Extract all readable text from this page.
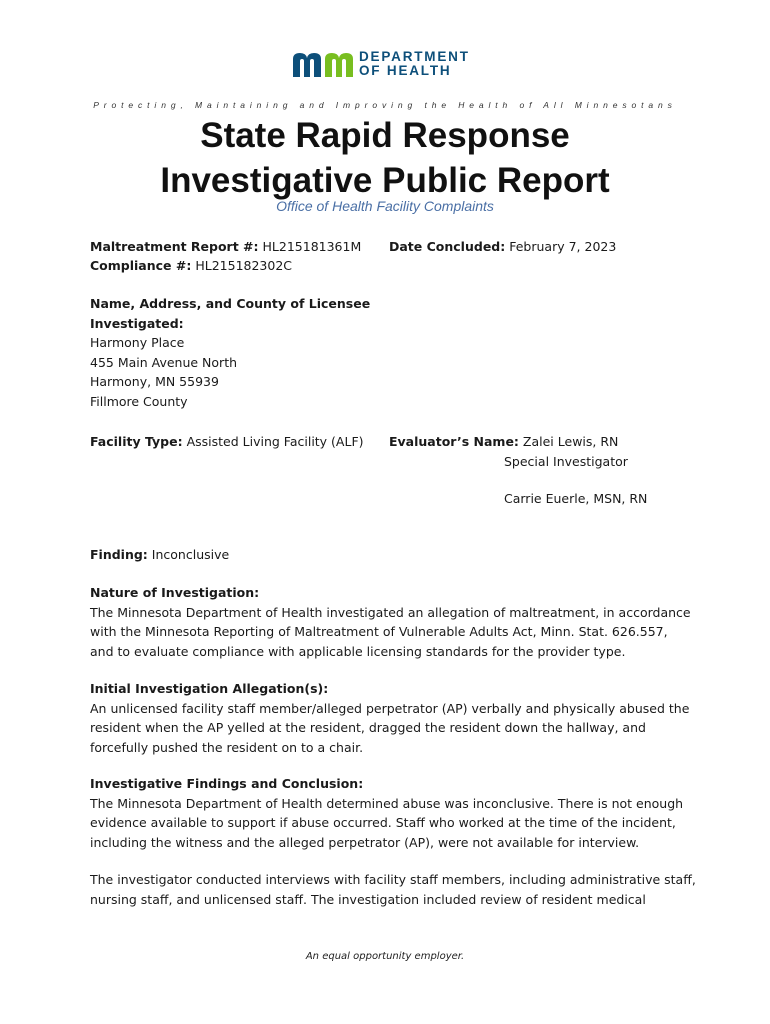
DEPARTMENT
OF HEALTH
Protecting, Maintaining and Improving the Health of All Minnesotans
State Rapid Response
Investigative Public Report
Office of Health Facility Complaints
Maltreatment Report #: HL215181361M
Compliance #: HL215182302C
Date Concluded: February 7, 2023
Name, Address, and County of Licensee
Investigated:
Harmony Place
455 Main Avenue North
Harmony, MN 55939
Fillmore County
Facility Type: Assisted Living Facility (ALF) Evaluator’s Name: Zalei Lewis, RN
Special Investigator
Carrie Euerle, MSN, RN
Finding: Inconclusive
Nature of Investigation:
The Minnesota Department of Health investigated an allegation of maltreatment, in accordance
with the Minnesota Reporting of Maltreatment of Vulnerable Adults Act, Minn. Stat. 626.557,
and to evaluate compliance with applicable licensing standards for the provider type.
Initial Investigation Allegation(s):
An unlicensed facility staff member/alleged perpetrator (AP) verbally and physically abused the
resident when the AP yelled at the resident, dragged the resident down the hallway, and
forcefully pushed the resident on to a chair.
Investigative Findings and Conclusion:
The Minnesota Department of Health determined abuse was inconclusive. There is not enough
evidence available to support if abuse occurred. Staff who worked at the time of the incident,
including the witness and the alleged perpetrator (AP), were not available for interview.
The investigator conducted interviews with facility staff members, including administrative staff,
nursing staff, and unlicensed staff. The investigation included review of resident medical
An equal opportunity employer.
